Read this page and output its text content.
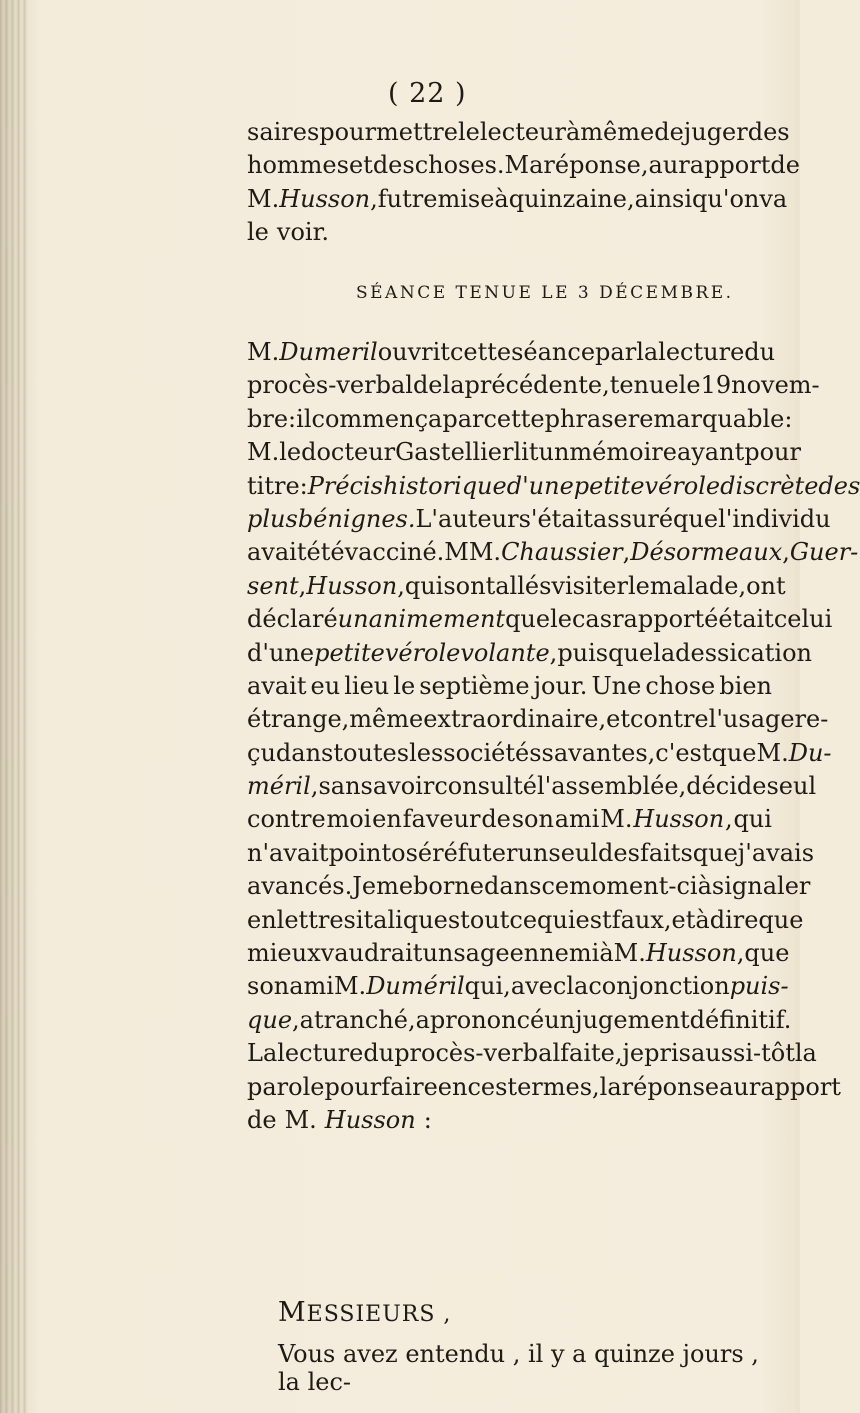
( 22 )
saires pour mettre le lecteur à même de juger des
hommes et des choses. Ma réponse , au rapport de
M. Husson , fut remise à quinzaine, ainsi qu'on va
le voir.
SÉANCE TENUE LE 3 DÉCEMBRE.
M. Dumeril ouvrit cette séance par la lecture du
procès-verbal de la précédente , tenue le 19 novem-
bre : il commença par cette phrase remarquable :
M. le docteur Gastellier lit un mémoire ayant pour
titre : Précis historique d'une petite vérole discrète des
plus bénignes. L'auteur s'était assuré que l'individu
avait été vacciné. MM. Chaussier , Désormeaux , Guer-
sent , Husson , qui sont allés visiter le malade , ont
déclaré unanimement que le cas rapporté était celui
d'une petite vérole volante , puisque la dessication
avait eu lieu le septième jour. Une chose bien
étrange , même extraordinaire , et contre l'usage re-
çu dans toutes les sociétés savantes, c'est que M. Du-
méril , sans avoir consulté l'assemblée, décide seul
contre moi en faveur de son ami M. Husson , qui
n'avait point osé réfuter un seul des faits que j'avais
avancés. Je me borne dans ce moment-ci à signaler
en lettres italiques tout ce qui est faux , et à dire que
mieux vaudrait un sage ennemi à M. Husson , que
son ami M. Duméril qui , avec la conjonction puis-
que , a tranché , a prononcé un jugement définitif.
La lecture du procès-verbal faite, je pris aussi-tôt la
parole pour faire en ces termes, la réponse au rapport
de M. Husson :
MESSIEURS ,
Vous avez entendu , il y a quinze jours , la lec-
